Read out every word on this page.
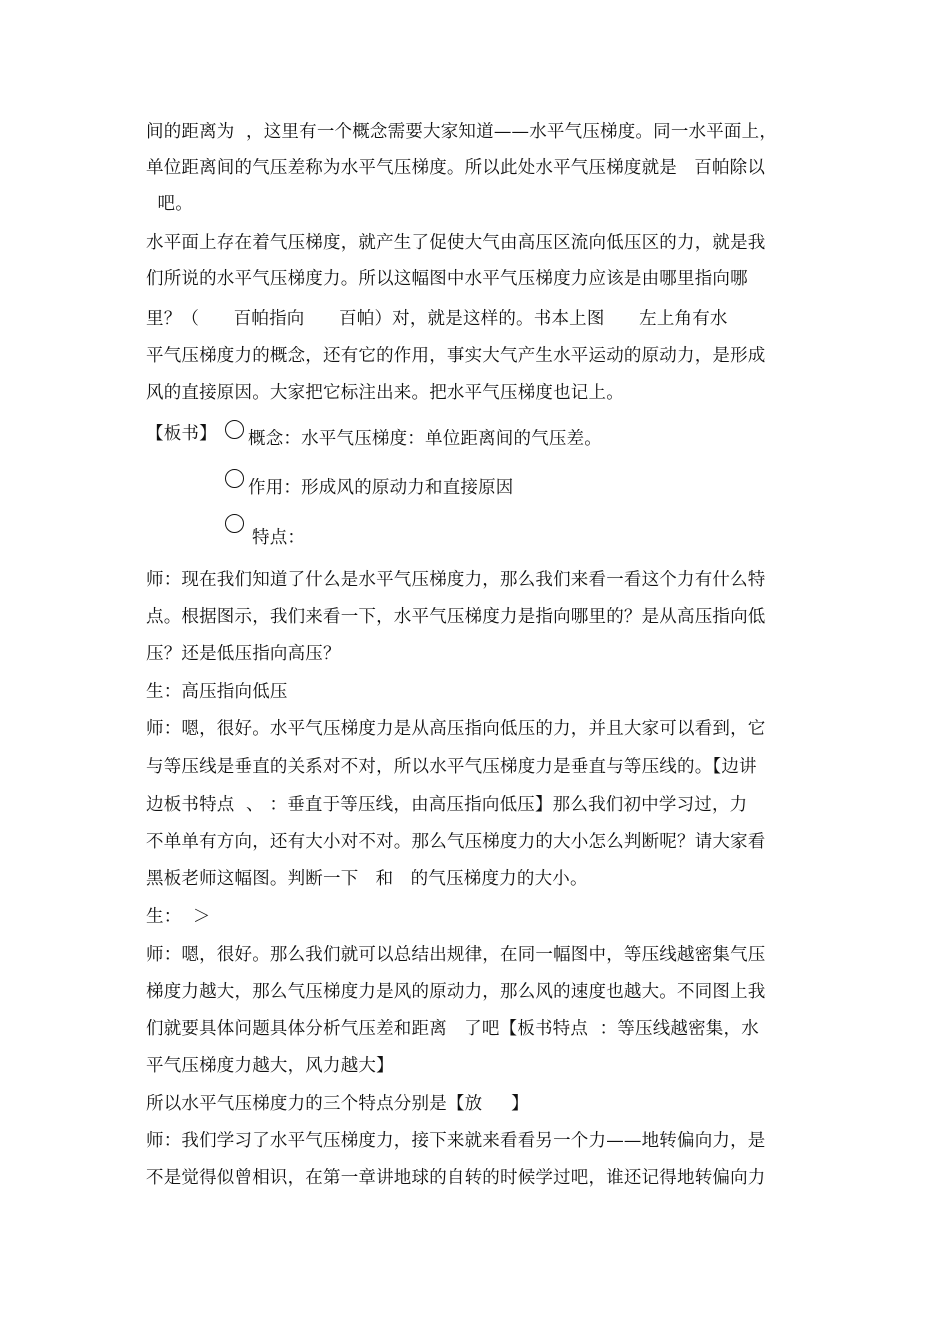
间的距离为  ，这里有一个概念需要大家知道——水平气压梯度。同一水平面上，
单位距离间的气压差称为水平气压梯度。所以此处水平气压梯度就是   百帕除以
吧。
水平面上存在着气压梯度，就产生了促使大气由高压区流向低压区的力，就是我
们所说的水平气压梯度力。所以这幅图中水平气压梯度力应该是由哪里指向哪
里？（      百帕指向      百帕）对，就是这样的。书本上图      左上角有水
平气压梯度力的概念，还有它的作用，事实大气产生水平运动的原动力，是形成
风的直接原因。大家把它标注出来。把水平气压梯度也记上。
【板书】 概念：水平气压梯度：单位距离间的气压差。
作用：形成风的原动力和直接原因
特点：
师：现在我们知道了什么是水平气压梯度力，那么我们来看一看这个力有什么特
点。根据图示，我们来看一下，水平气压梯度力是指向哪里的？是从高压指向低
压？还是低压指向高压？
生：高压指向低压
师：嗯，很好。水平气压梯度力是从高压指向低压的力，并且大家可以看到，它
与等压线是垂直的关系对不对，所以水平气压梯度力是垂直与等压线的。【边讲
边板书特点  、 ：垂直于等压线，由高压指向低压】那么我们初中学习过，力
不单单有方向，还有大小对不对。那么气压梯度力的大小怎么判断呢？请大家看
黑板老师这幅图。判断一下   和   的气压梯度力的大小。
生：  ＞
师：嗯，很好。那么我们就可以总结出规律，在同一幅图中，等压线越密集气压
梯度力越大，那么气压梯度力是风的原动力，那么风的速度也越大。不同图上我
们就要具体问题具体分析气压差和距离   了吧【板书特点  ：等压线越密集，水
平气压梯度力越大，风力越大】
所以水平气压梯度力的三个特点分别是【放     】
师：我们学习了水平气压梯度力，接下来就来看看另一个力——地转偏向力，是
不是觉得似曾相识，在第一章讲地球的自转的时候学过吧，谁还记得地转偏向力
